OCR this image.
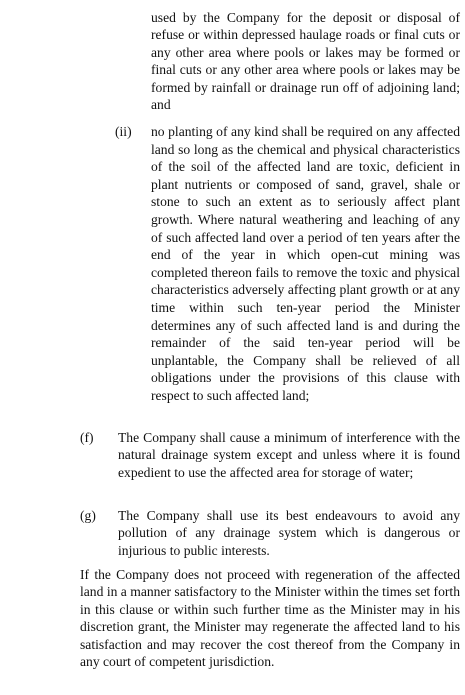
used by the Company for the deposit or disposal of refuse or within depressed haulage roads or final cuts or any other area where pools or lakes may be formed or final cuts or any other area where pools or lakes may be formed by rainfall or drainage run off of adjoining land; and

(ii) no planting of any kind shall be required on any affected land so long as the chemical and physical characteristics of the soil of the affected land are toxic, deficient in plant nutrients or composed of sand, gravel, shale or stone to such an extent as to seriously affect plant growth. Where natural weathering and leaching of any of such affected land over a period of ten years after the end of the year in which open-cut mining was completed thereon fails to remove the toxic and physical characteristics adversely affecting plant growth or at any time within such ten-year period the Minister determines any of such affected land is and during the remainder of the said ten-year period will be unplantable, the Company shall be relieved of all obligations under the provisions of this clause with respect to such affected land;

(f) The Company shall cause a minimum of interference with the natural drainage system except and unless where it is found expedient to use the affected area for storage of water;

(g) The Company shall use its best endeavours to avoid any pollution of any drainage system which is dangerous or injurious to public interests.

If the Company does not proceed with regeneration of the affected land in a manner satisfactory to the Minister within the times set forth in this clause or within such further time as the Minister may in his discretion grant, the Minister may regenerate the affected land to his satisfaction and may recover the cost thereof from the Company in any court of competent jurisdiction.
